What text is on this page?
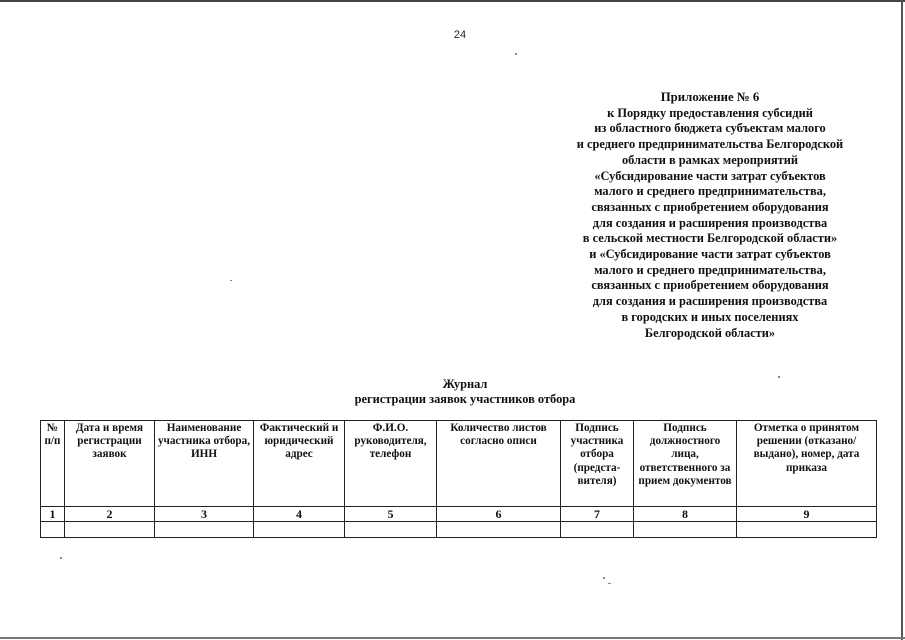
24
Приложение № 6
к Порядку предоставления субсидий
из областного бюджета субъектам малого
и среднего предпринимательства Белгородской
области в рамках мероприятий
«Субсидирование части затрат субъектов
малого и среднего предпринимательства,
связанных с приобретением оборудования
для создания и расширения производства
в сельской местности Белгородской области»
и «Субсидирование части затрат субъектов
малого и среднего предпринимательства,
связанных с приобретением оборудования
для создания и расширения производства
в городских и иных поселениях
Белгородской области»
Журнал
регистрации заявок участников отбора
№ п/п	Дата и время регистрации заявок	Наименование участника отбора, ИНН	Фактический и юридический адрес	Ф.И.О. руководителя, телефон	Количество листов согласно описи	Подпись участника отбора (предста-вителя)	Подпись должностного лица, ответственного за прием документов	Отметка о принятом решении (отказано/выдано), номер, дата приказа
1	2	3	4	5	6	7	8	9
